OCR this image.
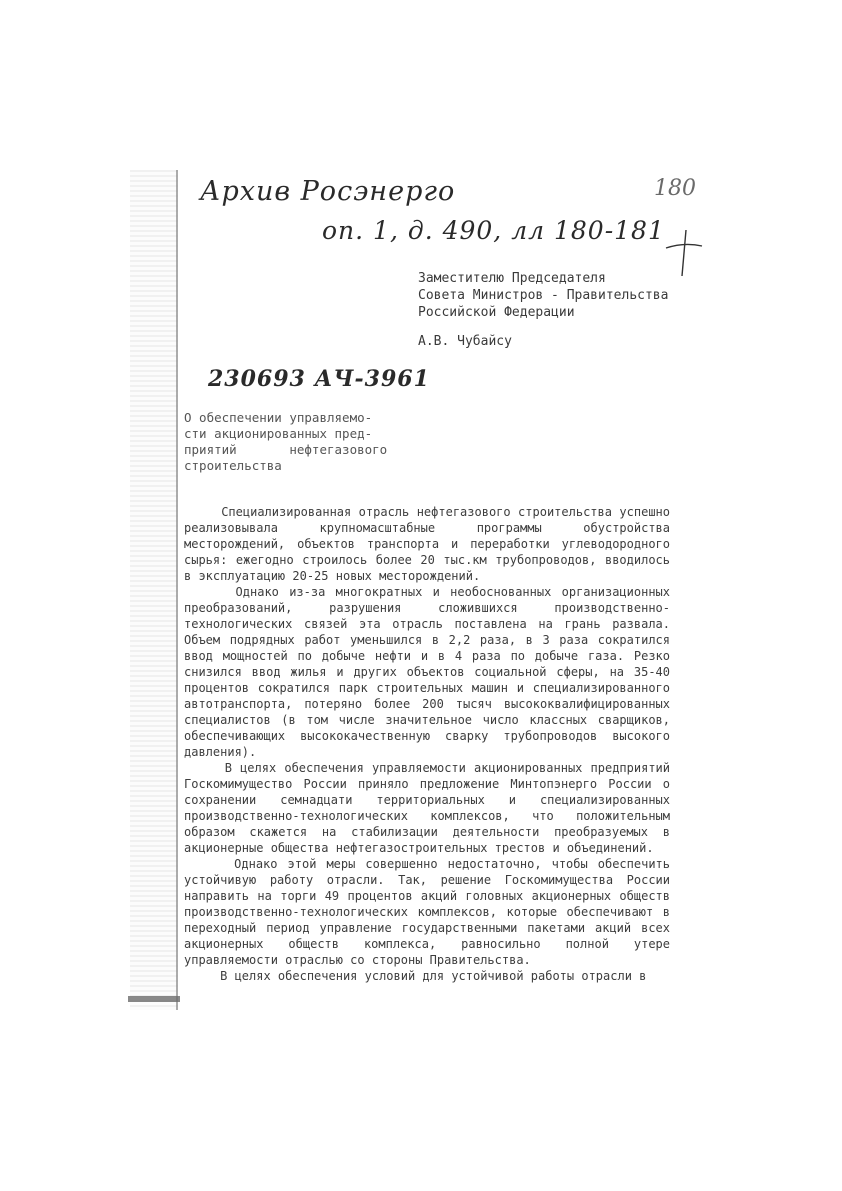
Архив Росэнерго
оп. 1, д. 490, лл 180-181
180
Заместителю Председателя
Совета Министров - Правительства
Российской Федерации
А.В. Чубайсу
230693 АЧ-3961
О обеспечении управляемо-
сти акционированных пред-
приятий       нефтегазового
строительства

Специализированная отрасль нефтегазового строительства успешно реализовывала крупномасштабные программы обустройства месторождений, объектов транспорта и переработки углеводородного сырья: ежегодно строилось более 20 тыс.км трубопроводов, вводилось в эксплуатацию 20-25 новых месторождений.

Однако из-за многократных и необоснованных организационных преобразований, разрушения сложившихся производственно-технологических связей эта отрасль поставлена на грань развала. Объем подрядных работ уменьшился в 2,2 раза, в 3 раза сократился ввод мощностей по добыче нефти и в 4 раза по добыче газа. Резко снизился ввод жилья и других объектов социальной сферы, на 35-40 процентов сократился парк строительных машин и специализированного автотранспорта, потеряно более 200 тысяч высококвалифицированных специалистов (в том числе значительное число классных сварщиков, обеспечивающих высококачественную сварку трубопроводов высокого давления).

В целях обеспечения управляемости акционированных предприятий Госкомимущество России приняло предложение Минтопэнерго России о сохранении семнадцати территориальных и специализированных производственно-технологических комплексов, что положительным образом скажется на стабилизации деятельности преобразуемых в акционерные общества нефтегазостроительных трестов и объединений.

Однако этой меры совершенно недостаточно, чтобы обеспечить устойчивую работу отрасли. Так, решение Госкомимущества России направить на торги 49 процентов акций головных акционерных обществ производственно-технологических комплексов, которые обеспечивают в переходный период управление государственными пакетами акций всех акционерных обществ комплекса, равносильно полной утере управляемости отраслью со стороны Правительства.

В целях обеспечения условий для устойчивой работы отрасли в
